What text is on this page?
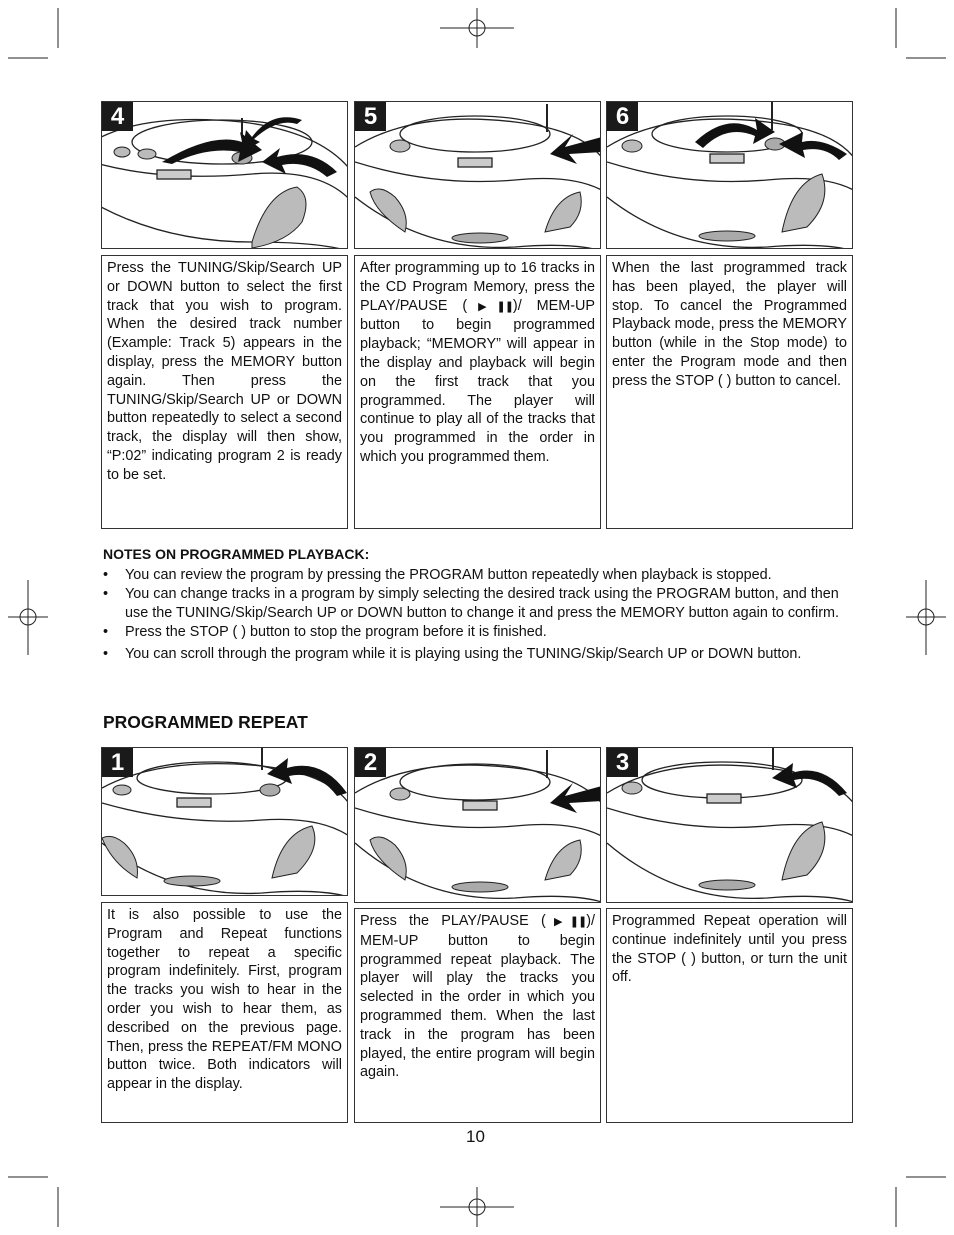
4	5	6
Press the TUNING/Skip/Search UP or DOWN button to select the first track that you wish to program. When the desired track number (Example: Track 5) appears in the display, press the MEMORY button again. Then press the TUNING/Skip/Search UP or DOWN button repeatedly to select a second track, the display will then show, “P:02” indicating program 2 is ready to be set.
After programming up to 16 tracks in the CD Program Memory, press the PLAY/PAUSE (▶❚❚)/ MEM-UP button to begin programmed playback; “MEMORY” will appear in the display and playback will begin on the first track that you programmed. The player will continue to play all of the tracks that you programmed in the order in which you programmed them.
When the last programmed track has been played, the player will stop. To cancel the Programmed Playback mode, press the MEMORY button (while in the Stop mode) to enter the Program mode and then press the STOP ( ) button to cancel.
NOTES ON PROGRAMMED PLAYBACK:
• You can review the program by pressing the PROGRAM button repeatedly when playback is stopped.
• You can change tracks in a program by simply selecting the desired track using the PROGRAM button, and then use the TUNING/Skip/Search UP or DOWN button to change it and press the MEMORY button again to confirm.
• Press the STOP ( ) button to stop the program before it is finished.
• You can scroll through the program while it is playing using the TUNING/Skip/Search UP or DOWN button.
PROGRAMMED REPEAT
1	2	3
It is also possible to use the Program and Repeat functions together to repeat a specific program indefinitely. First, program the tracks you wish to hear in the order you wish to hear them, as described on the previous page. Then, press the REPEAT/FM MONO button twice. Both indicators will appear in the display.
Press the PLAY/PAUSE (▶❚❚)/ MEM-UP button to begin programmed repeat playback. The player will play the tracks you selected in the order in which you programmed them. When the last track in the program has been played, the entire program will begin again.
Programmed Repeat operation will continue indefinitely until you press the STOP ( ) button, or turn the unit off.
10
